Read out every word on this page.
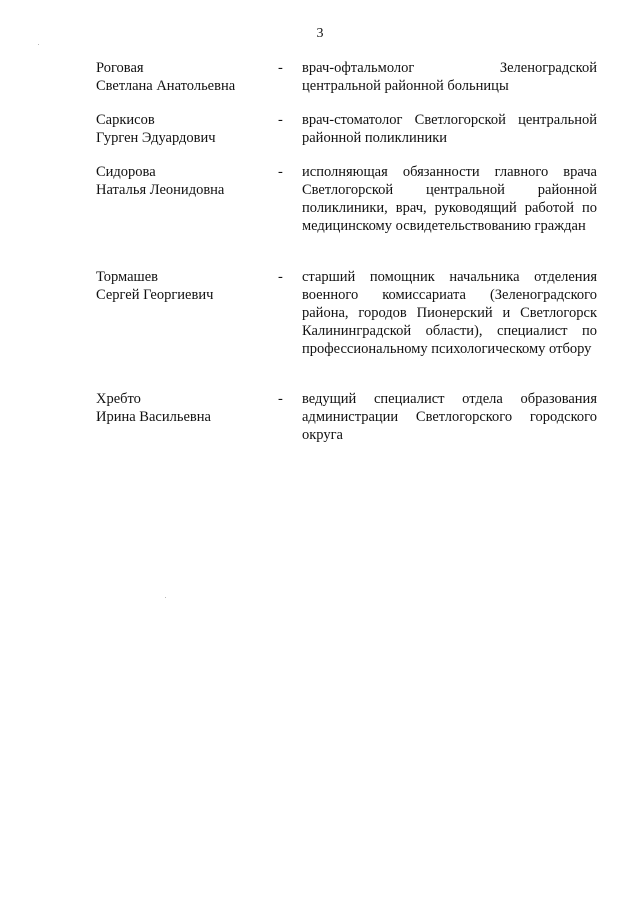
3
Роговая
Светлана Анатольевна
- врач-офтальмолог Зеленоградской центральной районной больницы
Саркисов
Гурген Эдуардович
- врач-стоматолог Светлогорской центральной районной поликлиники
Сидорова
Наталья Леонидовна
- исполняющая обязанности главного врача Светлогорской центральной районной поликлиники, врач, руководящий работой по медицинскому освидетельствованию граждан
Тормашев
Сергей Георгиевич
- старший помощник начальника отделения военного комиссариата (Зеленоградского района, городов Пионерский и Светлогорск Калининградской области), специалист по профессиональному психологическому отбору
Хребто
Ирина Васильевна
- ведущий специалист отдела образования администрации Светлогорского городского округа
